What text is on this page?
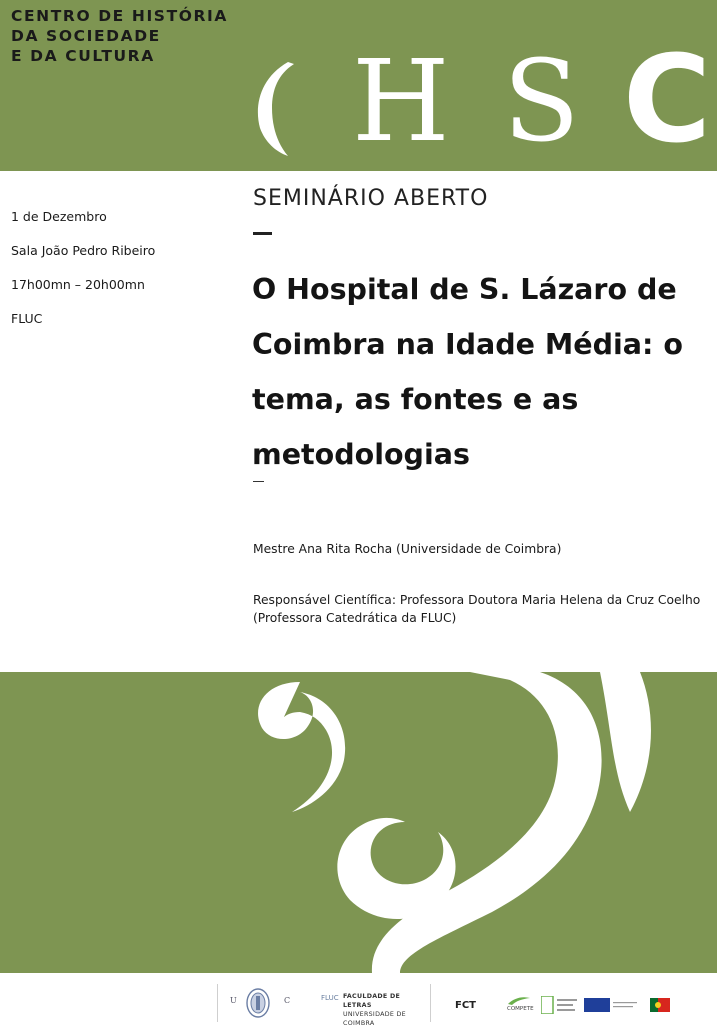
CENTRO DE HISTÓRIA
DA SOCIEDADE
E DA CULTURA	H S C
1 de Dezembro
Sala João Pedro Ribeiro
17h00mn – 20h00mn
FLUC
SEMINÁRIO ABERTO
O Hospital de S. Lázaro de Coimbra na Idade Média: o tema, as fontes e as metodologias

Mestre Ana Rita Rocha (Universidade de Coimbra)

Responsável Científica: Professora Doutora Maria Helena da Cruz Coelho
(Professora Catedrática da FLUC)

U	C	FLUC FACULDADE DE LETRAS
UNIVERSIDADE DE COIMBRA
FCT	COMPETE
